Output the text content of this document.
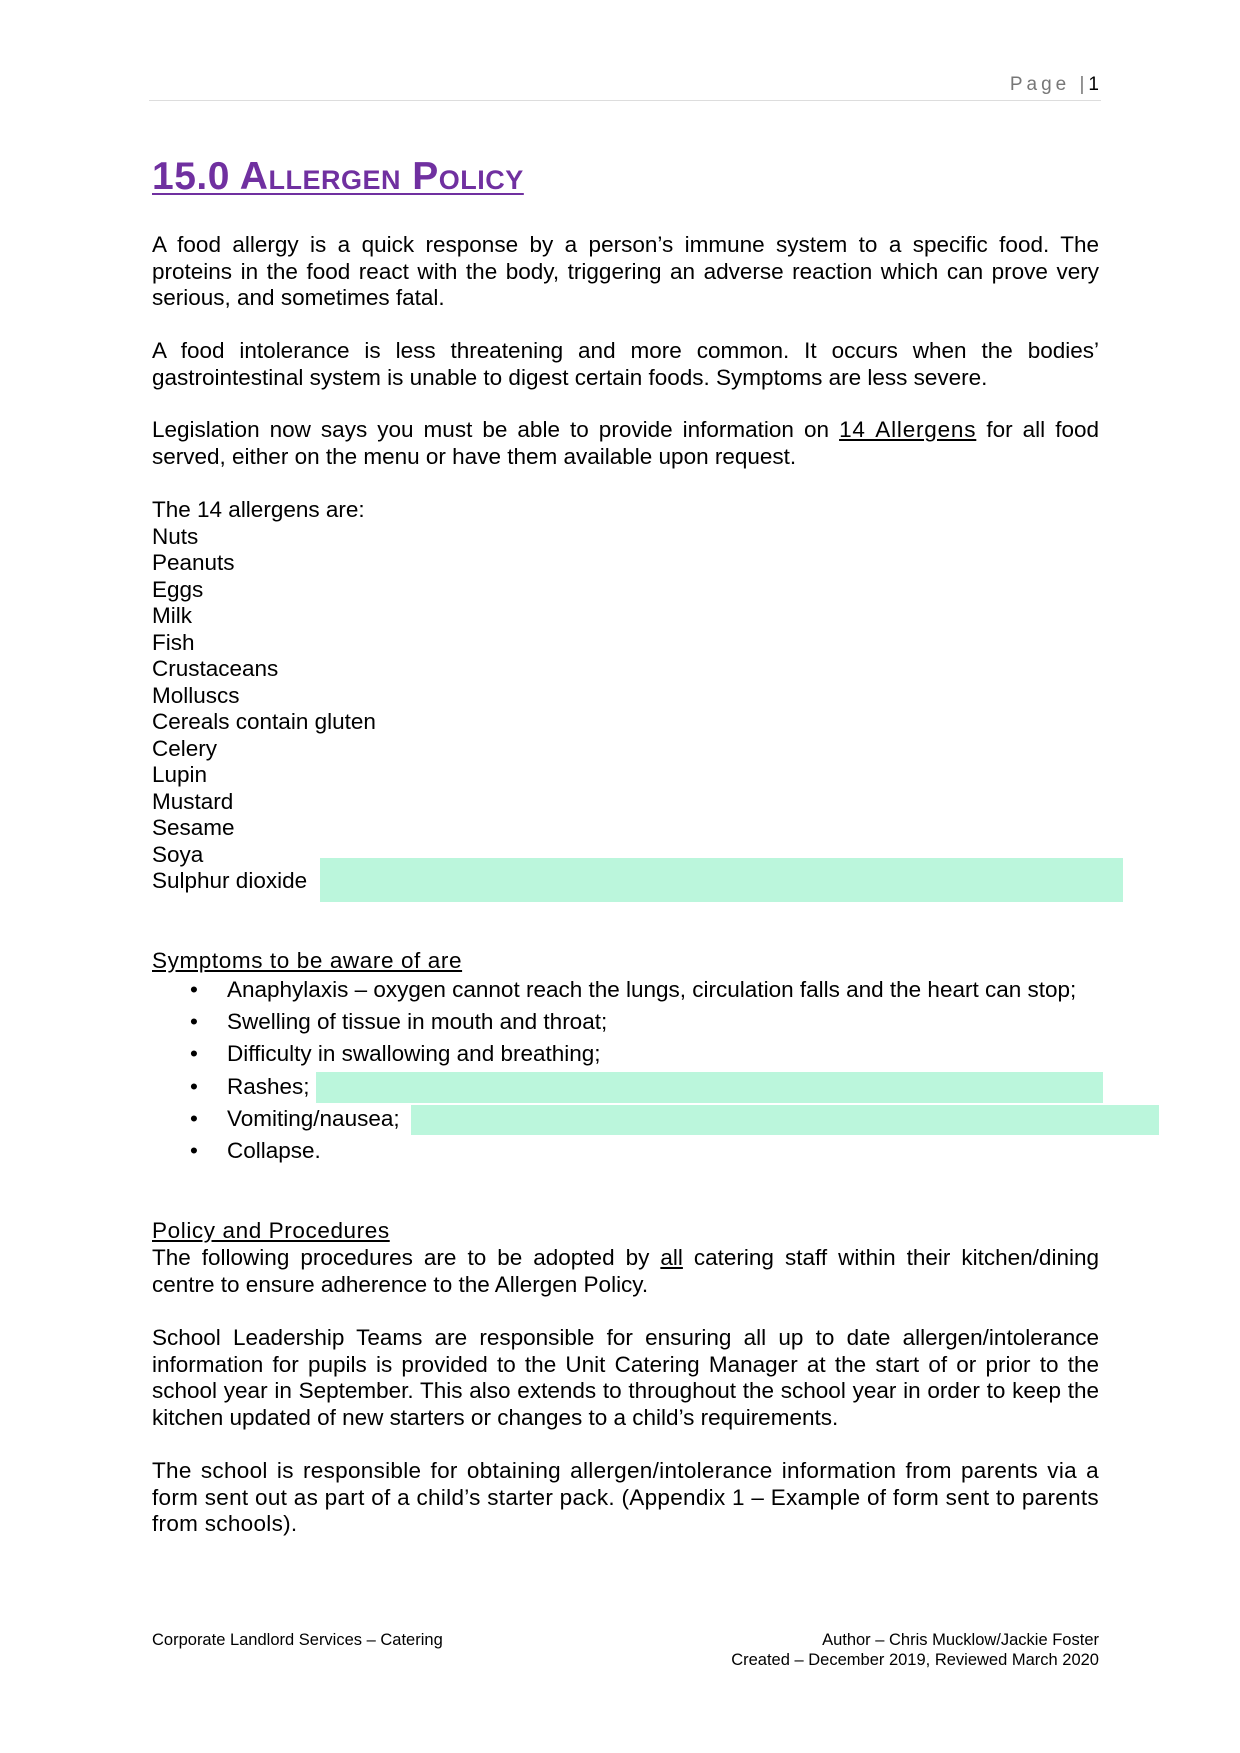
Page |1
15.0 Allergen Policy
A food allergy is a quick response by a person’s immune system to a specific food. The proteins in the food react with the body, triggering an adverse reaction which can prove very serious, and sometimes fatal.
A food intolerance is less threatening and more common. It occurs when the bodies’ gastrointestinal system is unable to digest certain foods. Symptoms are less severe.
Legislation now says you must be able to provide information on 14 Allergens for all food served, either on the menu or have them available upon request.
The 14 allergens are:
Nuts
Peanuts
Eggs
Milk
Fish
Crustaceans
Molluscs
Cereals contain gluten
Celery
Lupin
Mustard
Sesame
Soya
Sulphur dioxide
Symptoms to be aware of are
• Anaphylaxis – oxygen cannot reach the lungs, circulation falls and the heart can stop;
• Swelling of tissue in mouth and throat;
• Difficulty in swallowing and breathing;
• Rashes;
• Vomiting/nausea;
• Collapse.
Policy and Procedures
The following procedures are to be adopted by all catering staff within their kitchen/dining centre to ensure adherence to the Allergen Policy.
School Leadership Teams are responsible for ensuring all up to date allergen/intolerance information for pupils is provided to the Unit Catering Manager at the start of or prior to the school year in September. This also extends to throughout the school year in order to keep the kitchen updated of new starters or changes to a child’s requirements.
The school is responsible for obtaining allergen/intolerance information from parents via a form sent out as part of a child’s starter pack. (Appendix 1 – Example of form sent to parents from schools).
Corporate Landlord Services – Catering	Author – Chris Mucklow/Jackie Foster
Created – December 2019, Reviewed March 2020
